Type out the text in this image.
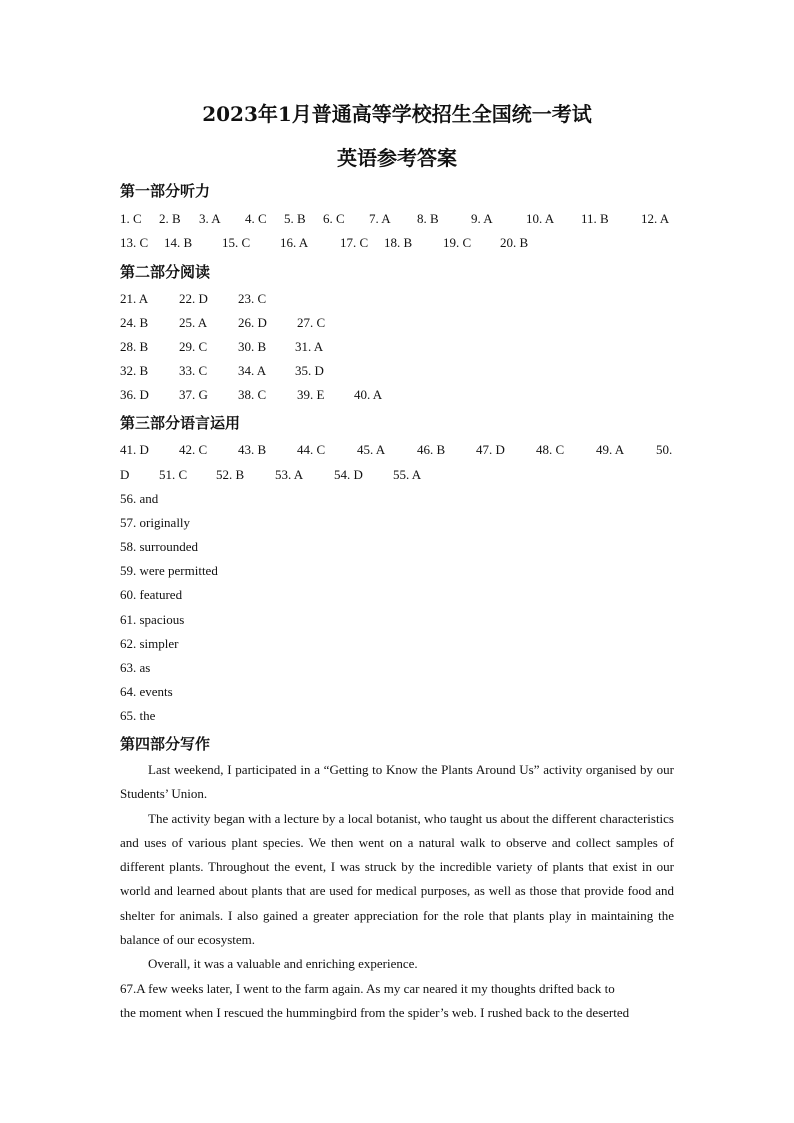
2023年1月普通高等学校招生全国统一考试
英语参考答案
第一部分听力
1. C 2. B 3. A 4. C 5. B 6. C 7. A 8. B 9. A	10. A 11. B 12. A
13. C 14. B 15. C 16. A 17. C 18. B 19. C 20. B
第二部分阅读
21. A 22. D 23. C
24. B 25. A 26. D 27. C
28. B 29. C 30. B 31. A
32. B 33. C 34. A 35. D
36. D 37. G 38. C 39. E 40. A
第三部分语言运用
41. D 42. C 43. B 44. C 45. A 46. B 47. D 48. C 49. A 50.
D 51. C 52. B 53. A 54. D 55. A
56. and
57. originally
58. surrounded
59. were permitted
60. featured
61. spacious
62. simpler
63. as
64. events
65. the
第四部分写作

Last weekend, I participated in a “Getting to Know the Plants Around Us” activity organised by our Students’ Union.

The activity began with a lecture by a local botanist, who taught us about the different characteristics and uses of various plant species. We then went on a natural walk to observe and collect samples of different plants. Throughout the event, I was struck by the incredible variety of plants that exist in our world and learned about plants that are used for medical purposes, as well as those that provide food and shelter for animals. I also gained a greater appreciation for the role that plants play in maintaining the balance of our ecosystem.

Overall, it was a valuable and enriching experience.

67.A few weeks later, I went to the farm again. As my car neared it my thoughts drifted back to
the moment when I rescued the hummingbird from the spider’s web. I rushed back to the deserted
